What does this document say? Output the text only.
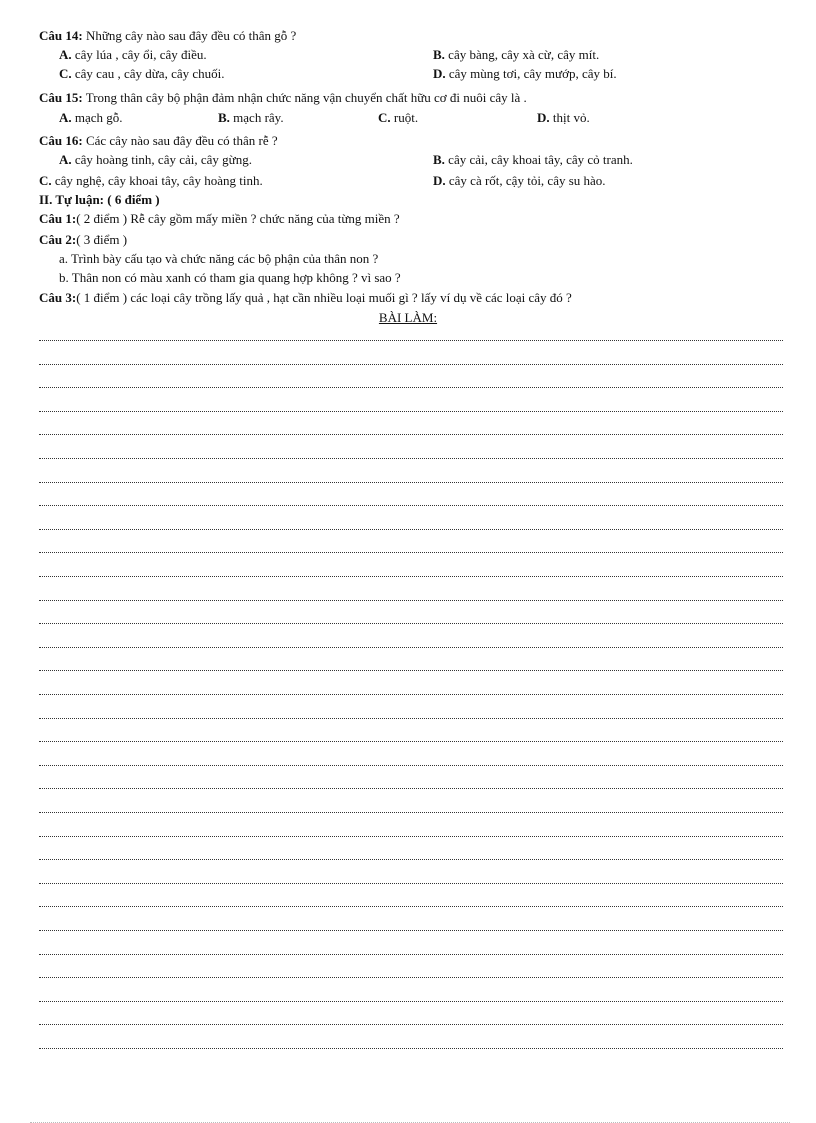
Câu 14: Những cây nào sau đây đều có thân gỗ ?
A. cây lúa , cây ổi, cây điều.	B. cây bàng, cây xà cừ, cây mít.
C. cây cau , cây dừa, cây chuối.	D. cây mùng tơi, cây mướp, cây bí.
Câu 15: Trong thân cây bộ phận đảm nhận chức năng vận chuyển chất hữu cơ đi nuôi cây là .
A. mạch gỗ.	B. mạch rây.	C. ruột.	D. thịt vỏ.
Câu 16: Các cây nào sau đây đều có thân rễ ?
A. cây hoàng tinh, cây cải, cây gừng.	B. cây cải, cây khoai tây, cây cỏ tranh.
C. cây nghệ, cây khoai tây, cây hoàng tinh.	D. cây cà rốt, cậy tỏi, cây su hào.
II. Tự luận: ( 6 điểm )
Câu 1:( 2 điểm ) Rễ cây gồm mấy miền ? chức năng của từng miền ?
Câu 2:( 3 điểm )
a. Trình bày cấu tạo và chức năng các bộ phận của thân non ?
b. Thân non có màu xanh có tham gia quang hợp không ? vì sao ?
Câu 3:( 1 điểm ) các loại cây trồng lấy quả , hạt cần nhiều loại muối gì ? lấy ví dụ về các loại cây đó ?
BÀI LÀM:
